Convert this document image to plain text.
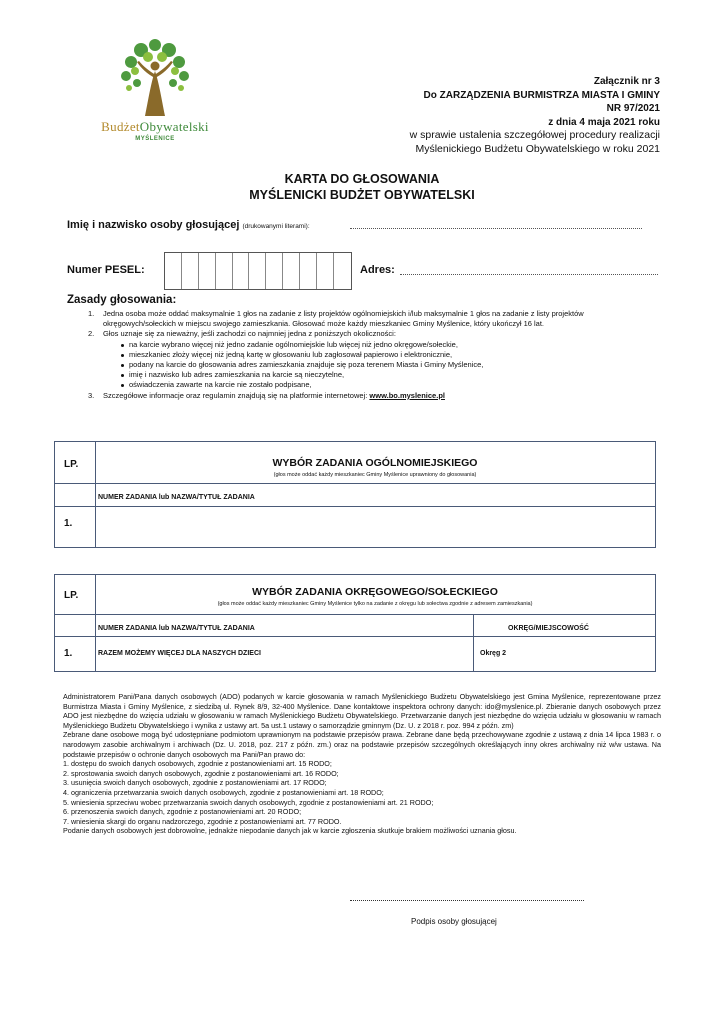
BudżetObywatelski
MYŚLENICE
Załącznik nr 3
Do ZARZĄDZENIA BURMISTRZA MIASTA I GMINY
NR 97/2021
z dnia 4 maja 2021 roku
w sprawie ustalenia szczegółowej procedury realizacji
Myślenickiego Budżetu Obywatelskiego w roku 2021
KARTA DO GŁOSOWANIA
MYŚLENICKI BUDŻET OBYWATELSKI
Imię i nazwisko osoby głosującej (drukowanymi literami):
Numer PESEL:	Adres:
Zasady głosowania:
1. Jedna osoba może oddać maksymalnie 1 głos na zadanie z listy projektów ogólnomiejskich i/lub maksymalnie 1 głos na zadanie z listy projektów okręgowych/sołeckich w miejscu swojego zamieszkania. Głosować może każdy mieszkaniec Gminy Myślenice, który ukończył 16 lat.
2. Głos uznaje się za nieważny, jeśli zachodzi co najmniej jedna z poniższych okoliczności:
na karcie wybrano więcej niż jedno zadanie ogólnomiejskie lub więcej niż jedno okręgowe/sołeckie,
mieszkaniec złoży więcej niż jedną kartę w głosowaniu lub zagłosował papierowo i elektronicznie,
podany na karcie do głosowania adres zamieszkania znajduje się poza terenem Miasta i Gminy Myślenice,
imię i nazwisko lub adres zamieszkania na karcie są nieczytelne,
oświadczenia zawarte na karcie nie zostało podpisane,
3. Szczegółowe informacje oraz regulamin znajdują się na platformie internetowej: www.bo.myslenice.pl
LP.	WYBÓR ZADANIA OGÓLNOMIEJSKIEGO
(głos może oddać każdy mieszkaniec Gminy Myślenice uprawniony do głosowania)
NUMER ZADANIA lub NAZWA/TYTUŁ ZADANIA
1.
LP.	WYBÓR ZADANIA OKRĘGOWEGO/SOŁECKIEGO
(głos może oddać każdy mieszkaniec Gminy Myślenice tylko na zadanie z okręgu lub sołectwa zgodnie z adresem zamieszkania)
NUMER ZADANIA lub NAZWA/TYTUŁ ZADANIA	OKRĘG/MIEJSCOWOŚĆ
1.	RAZEM MOŻEMY WIĘCEJ DLA NASZYCH DZIECI	Okręg 2

Administratorem Pani/Pana danych osobowych (ADO) podanych w karcie głosowania w ramach Myślenickiego Budżetu Obywatelskiego jest Gmina Myślenice, reprezentowane przez Burmistrza Miasta i Gminy Myślenice, z siedzibą ul. Rynek 8/9, 32-400 Myślenice. Dane kontaktowe inspektora ochrony danych: ido@myslenice.pl. Zbieranie danych osobowych przez ADO jest niezbędne do wzięcia udziału w głosowaniu w ramach Myślenickiego Budżetu Obywatelskiego. Przetwarzanie danych jest niezbędne do wzięcia udziału w głosowaniu w ramach Myślenickiego Budżetu Obywatelskiego i wynika z ustawy art. 5a ust.1 ustawy o samorządzie gminnym (Dz. U. z 2018 r. poz. 994 z późn. zm)

Zebrane dane osobowe mogą być udostępniane podmiotom uprawnionym na podstawie przepisów prawa. Zebrane dane będą przechowywane zgodnie z ustawą z dnia 14 lipca 1983 r. o narodowym zasobie archiwalnym i archiwach (Dz. U. 2018, poz. 217 z późn. zm.) oraz na podstawie przepisów szczególnych określających inny okres archiwalny niż w/w ustawa. Na podstawie przepisów o ochronie danych osobowych ma Pani/Pan prawo do:

1. dostępu do swoich danych osobowych, zgodnie z postanowieniami art. 15 RODO;

2. sprostowania swoich danych osobowych, zgodnie z postanowieniami art. 16 RODO;

3. usunięcia swoich danych osobowych, zgodnie z postanowieniami art. 17 RODO;

4. ograniczenia przetwarzania swoich danych osobowych, zgodnie z postanowieniami art. 18 RODO;

5. wniesienia sprzeciwu wobec przetwarzania swoich danych osobowych, zgodnie z postanowieniami art. 21 RODO;

6. przenoszenia swoich danych, zgodnie z postanowieniami art. 20 RODO;

7. wniesienia skargi do organu nadzorczego, zgodnie z postanowieniami art. 77 RODO.

Podanie danych osobowych jest dobrowolne, jednakże niepodanie danych jak w karcie zgłoszenia skutkuje brakiem możliwości uznania głosu.

Podpis osoby głosującej
